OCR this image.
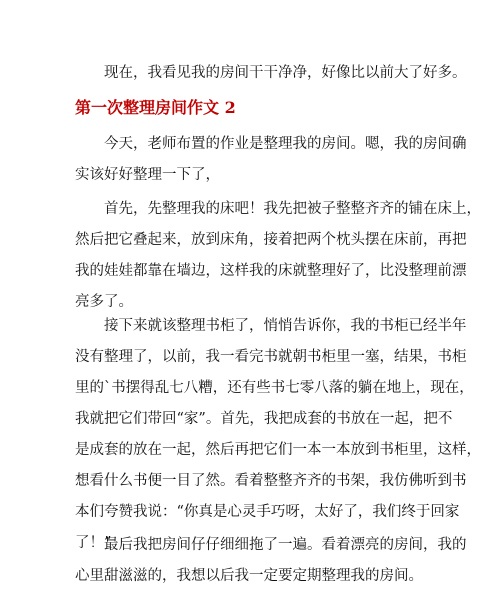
现在，我看见我的房间干干净净，好像比以前大了好多。
第一次整理房间作文 2
今天，老师布置的作业是整理我的房间。嗯，我的房间确
实该好好整理一下了，
首先，先整理我的床吧！我先把被子整整齐齐的铺在床上，
然后把它叠起来，放到床角，接着把两个枕头摆在床前，再把
我的娃娃都靠在墙边，这样我的床就整理好了，比没整理前漂
亮多了。
接下来就该整理书柜了，悄悄告诉你，我的书柜已经半年
没有整理了，以前，我一看完书就朝书柜里一塞，结果，书柜
里的`书摆得乱七八糟，还有些书七零八落的躺在地上，现在，
我就把它们带回“家”。首先，我把成套的书放在一起，把不
是成套的放在一起，然后再把它们一本一本放到书柜里，这样，
想看什么书便一目了然。看着整整齐齐的书架，我仿佛听到书
本们夸赞我说：“你真是心灵手巧呀，太好了，我们终于回家
了！”
最后我把房间仔仔细细拖了一遍。看着漂亮的房间，我的
心里甜滋滋的，我想以后我一定要定期整理我的房间。
